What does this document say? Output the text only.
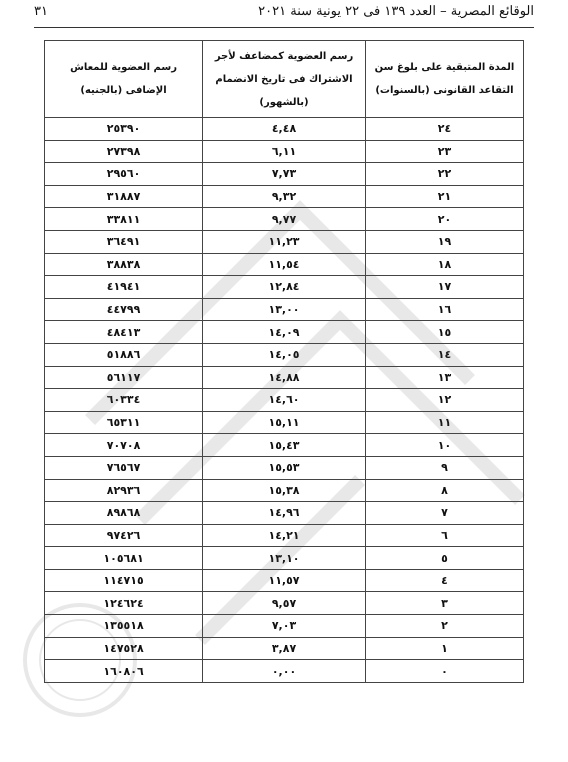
٣١	الوقائع المصرية – العدد ١٣٩ فى ٢٢ يونية سنة ٢٠٢١
المدة المتبقية على بلوغ سن التقاعد القانونى (بالسنوات)	رسم العضوية كمضاعف لأجر الاشتراك فى تاريخ الانضمام (بالشهور)	رسم العضوية للمعاش الإضافى (بالجنيه)
٢٤	٤,٤٨	٢٥٣٩٠
٢٣	٦,١١	٢٧٣٩٨
٢٢	٧,٧٣	٢٩٥٦٠
٢١	٩,٣٢	٣١٨٨٧
٢٠	٩,٧٧	٣٣٨١١
١٩	١١,٢٣	٣٦٤٩١
١٨	١١,٥٤	٣٨٨٣٨
١٧	١٢,٨٤	٤١٩٤١
١٦	١٣,٠٠	٤٤٧٩٩
١٥	١٤,٠٩	٤٨٤١٣
١٤	١٤,٠٥	٥١٨٨٦
١٣	١٤,٨٨	٥٦١١٧
١٢	١٤,٦٠	٦٠٣٣٤
١١	١٥,١١	٦٥٣١١
١٠	١٥,٤٣	٧٠٧٠٨
٩	١٥,٥٣	٧٦٥٦٧
٨	١٥,٣٨	٨٢٩٣٦
٧	١٤,٩٦	٨٩٨٦٨
٦	١٤,٢١	٩٧٤٢٦
٥	١٣,١٠	١٠٥٦٨١
٤	١١,٥٧	١١٤٧١٥
٣	٩,٥٧	١٢٤٦٢٤
٢	٧,٠٣	١٣٥٥١٨
١	٣,٨٧	١٤٧٥٢٨
٠	٠,٠٠	١٦٠٨٠٦
